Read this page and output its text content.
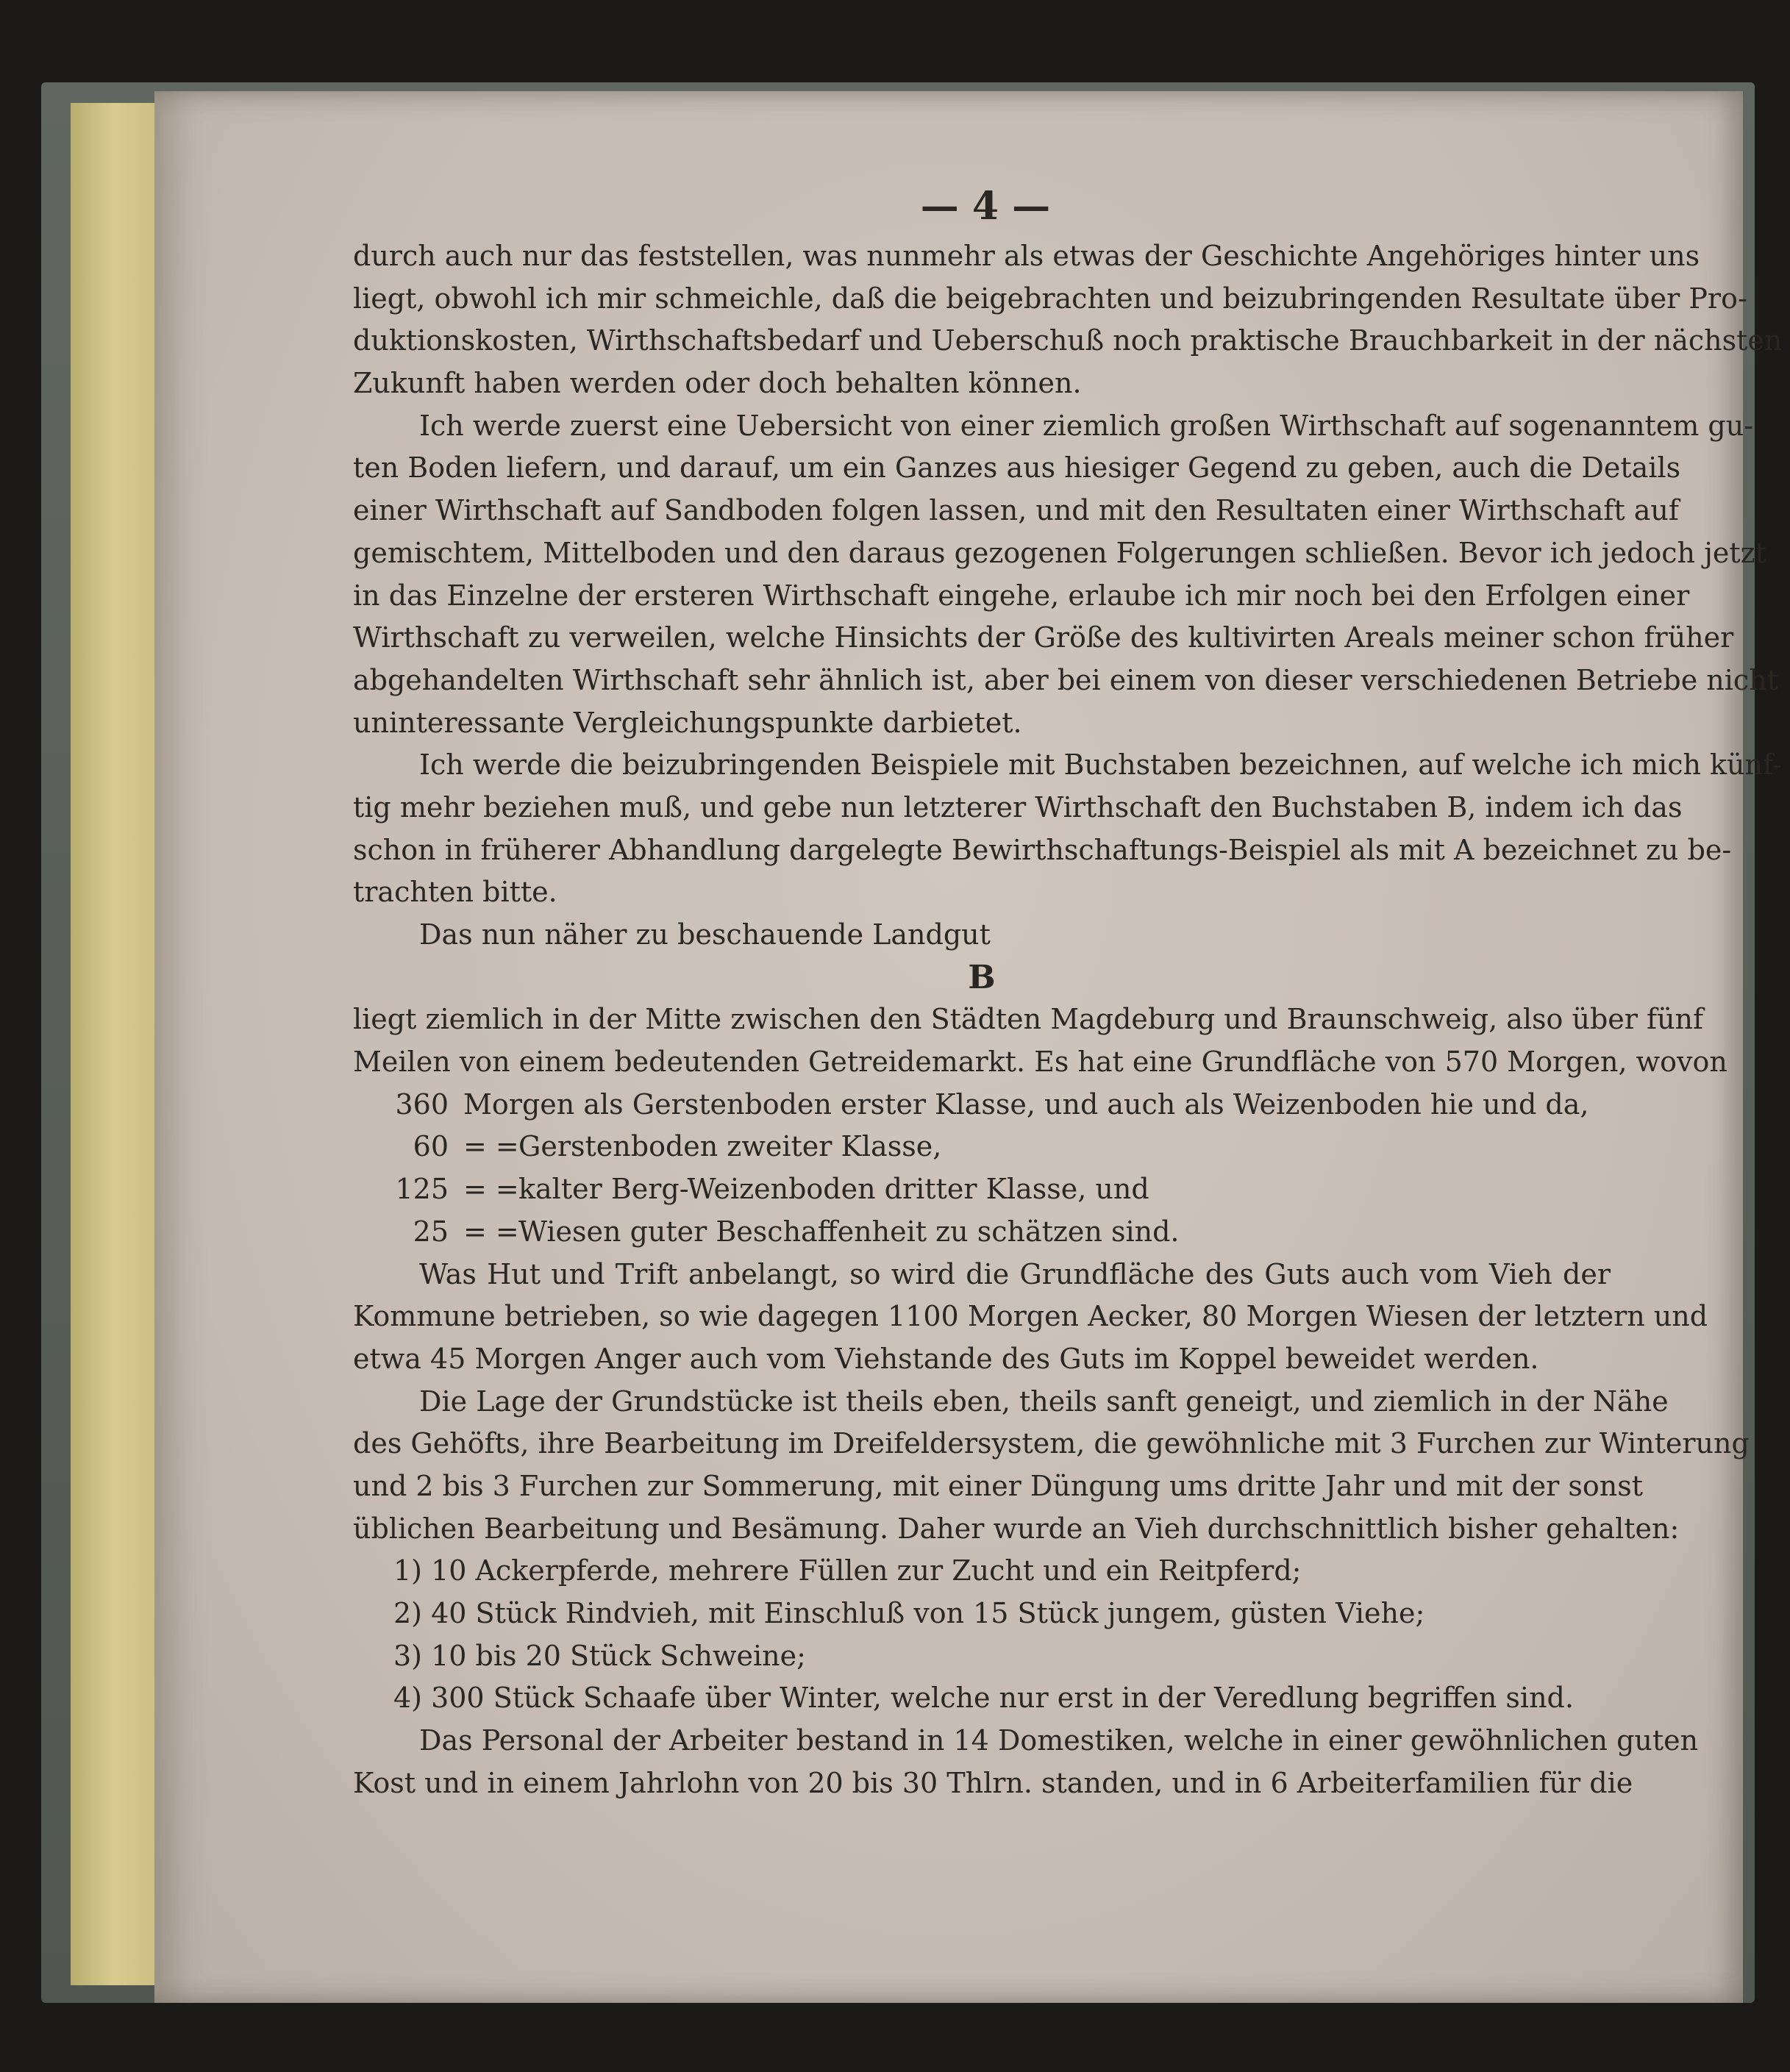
— 4 —
durch auch nur das feststellen, was nunmehr als etwas der Geschichte Angehöriges hinter uns
liegt, obwohl ich mir schmeichle, daß die beigebrachten und beizubringenden Resultate über Pro-
duktionskosten, Wirthschaftsbedarf und Ueberschuß noch praktische Brauchbarkeit in der nächsten
Zukunft haben werden oder doch behalten können.
Ich werde zuerst eine Uebersicht von einer ziemlich großen Wirthschaft auf sogenanntem gu-
ten Boden liefern, und darauf, um ein Ganzes aus hiesiger Gegend zu geben, auch die Details
einer Wirthschaft auf Sandboden folgen lassen, und mit den Resultaten einer Wirthschaft auf
gemischtem, Mittelboden und den daraus gezogenen Folgerungen schließen. Bevor ich jedoch jetzt
in das Einzelne der ersteren Wirthschaft eingehe, erlaube ich mir noch bei den Erfolgen einer
Wirthschaft zu verweilen, welche Hinsichts der Größe des kultivirten Areals meiner schon früher
abgehandelten Wirthschaft sehr ähnlich ist, aber bei einem von dieser verschiedenen Betriebe nicht
uninteressante Vergleichungspunkte darbietet.
Ich werde die beizubringenden Beispiele mit Buchstaben bezeichnen, auf welche ich mich künf-
tig mehr beziehen muß, und gebe nun letzterer Wirthschaft den Buchstaben B, indem ich das
schon in früherer Abhandlung dargelegte Bewirthschaftungs-Beispiel als mit A bezeichnet zu be-
trachten bitte.
Das nun näher zu beschauende Landgut
B
liegt ziemlich in der Mitte zwischen den Städten Magdeburg und Braunschweig, also über fünf
Meilen von einem bedeutenden Getreidemarkt. Es hat eine Grundfläche von 570 Morgen, wovon
360 Morgen als Gerstenboden erster Klasse, und auch als Weizenboden hie und da,
60 = = Gerstenboden zweiter Klasse,
125 = = kalter Berg-Weizenboden dritter Klasse, und
25 = = Wiesen guter Beschaffenheit zu schätzen sind.
Was Hut und Trift anbelangt, so wird die Grundfläche des Guts auch vom Vieh der
Kommune betrieben, so wie dagegen 1100 Morgen Aecker, 80 Morgen Wiesen der letztern und
etwa 45 Morgen Anger auch vom Viehstande des Guts im Koppel beweidet werden.
Die Lage der Grundstücke ist theils eben, theils sanft geneigt, und ziemlich in der Nähe
des Gehöfts, ihre Bearbeitung im Dreifeldersystem, die gewöhnliche mit 3 Furchen zur Winterung
und 2 bis 3 Furchen zur Sommerung, mit einer Düngung ums dritte Jahr und mit der sonst
üblichen Bearbeitung und Besämung. Daher wurde an Vieh durchschnittlich bisher gehalten:
1) 10 Ackerpferde, mehrere Füllen zur Zucht und ein Reitpferd;
2) 40 Stück Rindvieh, mit Einschluß von 15 Stück jungem, güsten Viehe;
3) 10 bis 20 Stück Schweine;
4) 300 Stück Schaafe über Winter, welche nur erst in der Veredlung begriffen sind.
Das Personal der Arbeiter bestand in 14 Domestiken, welche in einer gewöhnlichen guten
Kost und in einem Jahrlohn von 20 bis 30 Thlrn. standen, und in 6 Arbeiterfamilien für die
